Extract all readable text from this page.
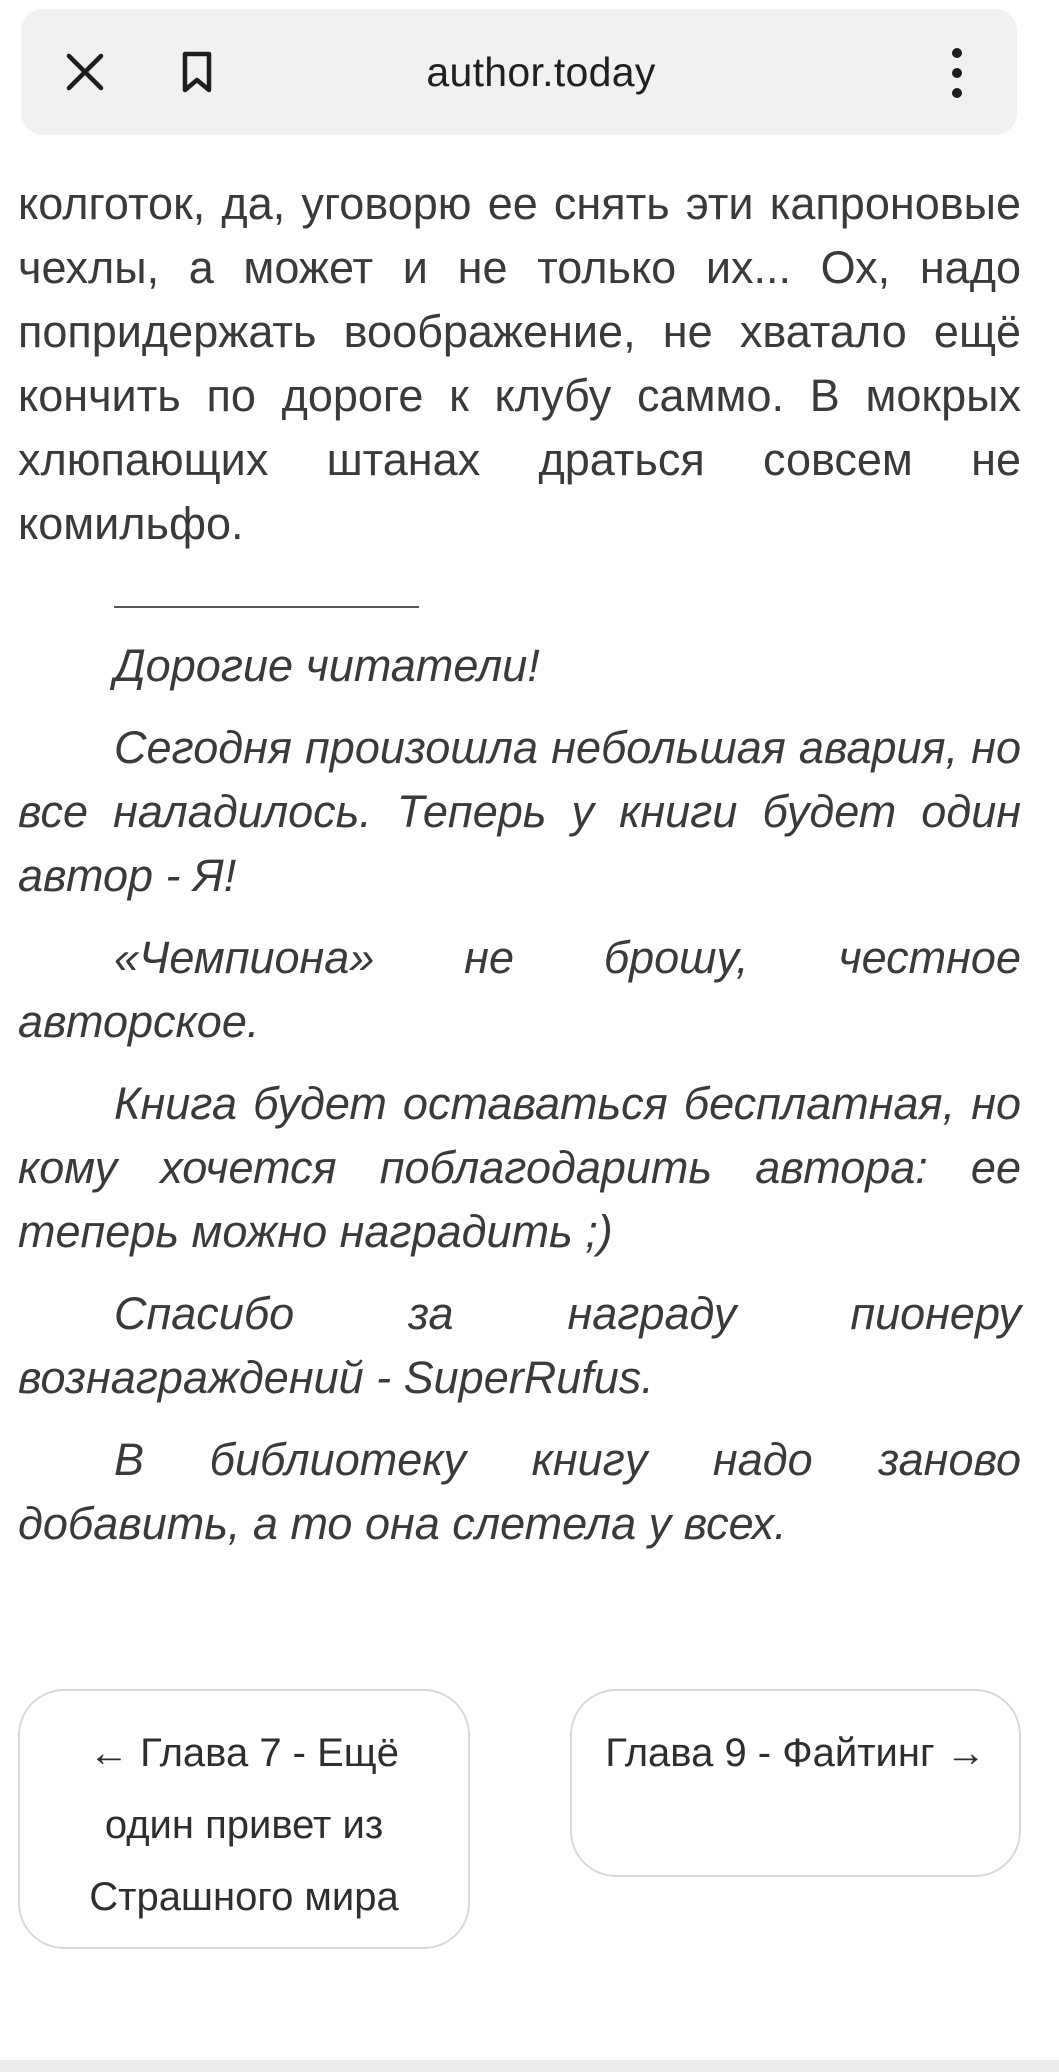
author.today

колготок, да, уговорю ее снять эти капроновые чехлы, а может и не только их... Ох, надо попридержать воображение, не хватало ещё кончить по дороге к клубу саммо. В мокрых хлюпающих штанах драться совсем не комильфо.

Дорогие читатели!

Сегодня произошла небольшая авария, но все наладилось. Теперь у книги будет один автор - Я!

«Чемпиона» не брошу, честное авторское.

Книга будет оставаться бесплатная, но кому хочется поблагодарить автора: ее теперь можно наградить ;)

Спасибо за награду пионеру вознаграждений - SuperRufus.

В библиотеку книгу надо заново добавить, а то она слетела у всех.

← Глава 7 - Ещё один привет из Страшного мира
Глава 9 - Файтинг →
